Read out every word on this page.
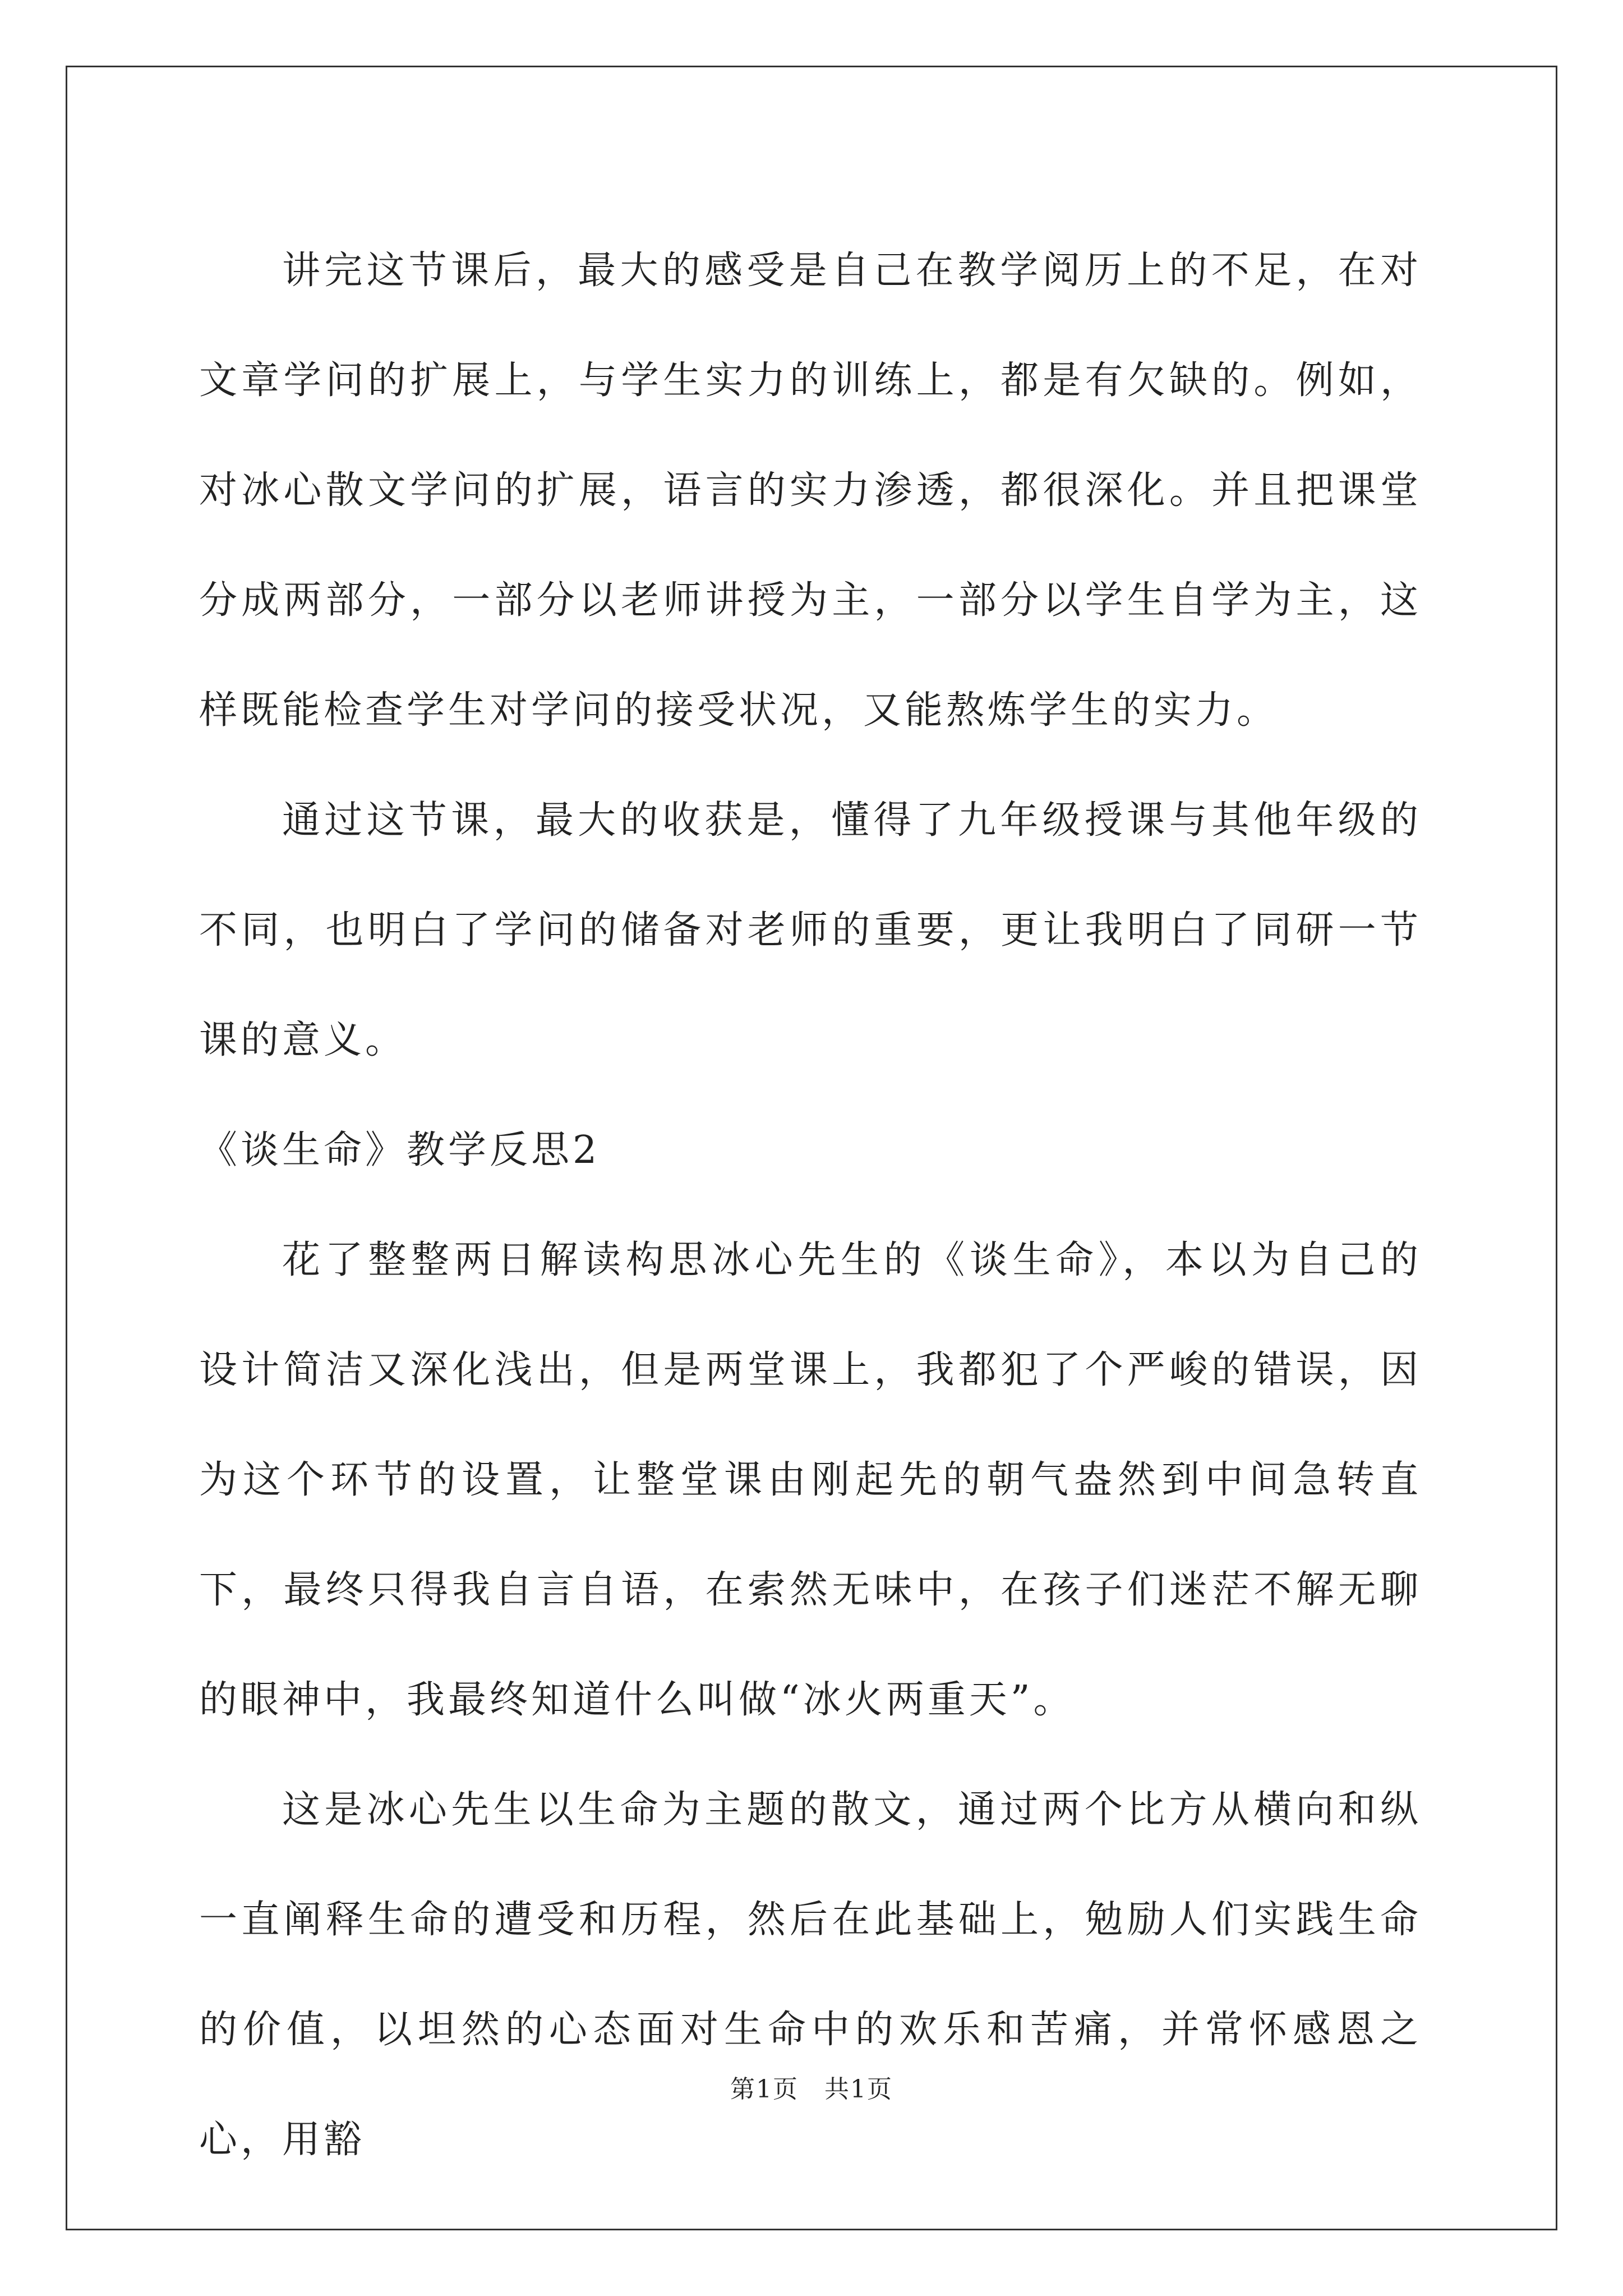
讲完这节课后，最大的感受是自己在教学阅历上的不足，在对文章学问的扩展上，与学生实力的训练上，都是有欠缺的。例如，对冰心散文学问的扩展，语言的实力渗透，都很深化。并且把课堂分成两部分，一部分以老师讲授为主，一部分以学生自学为主，这样既能检查学生对学问的接受状况，又能熬炼学生的实力。

通过这节课，最大的收获是，懂得了九年级授课与其他年级的不同，也明白了学问的储备对老师的重要，更让我明白了同研一节课的意义。

《谈生命》教学反思2

花了整整两日解读构思冰心先生的《谈生命》，本以为自己的设计简洁又深化浅出，但是两堂课上，我都犯了个严峻的错误，因为这个环节的设置，让整堂课由刚起先的朝气盎然到中间急转直下，最终只得我自言自语，在索然无味中，在孩子们迷茫不解无聊的眼神中，我最终知道什么叫做“冰火两重天”。

这是冰心先生以生命为主题的散文，通过两个比方从横向和纵一直阐释生命的遭受和历程，然后在此基础上，勉励人们实践生命的价值，以坦然的心态面对生命中的欢乐和苦痛，并常怀感恩之心，用豁

第1页　共1页
